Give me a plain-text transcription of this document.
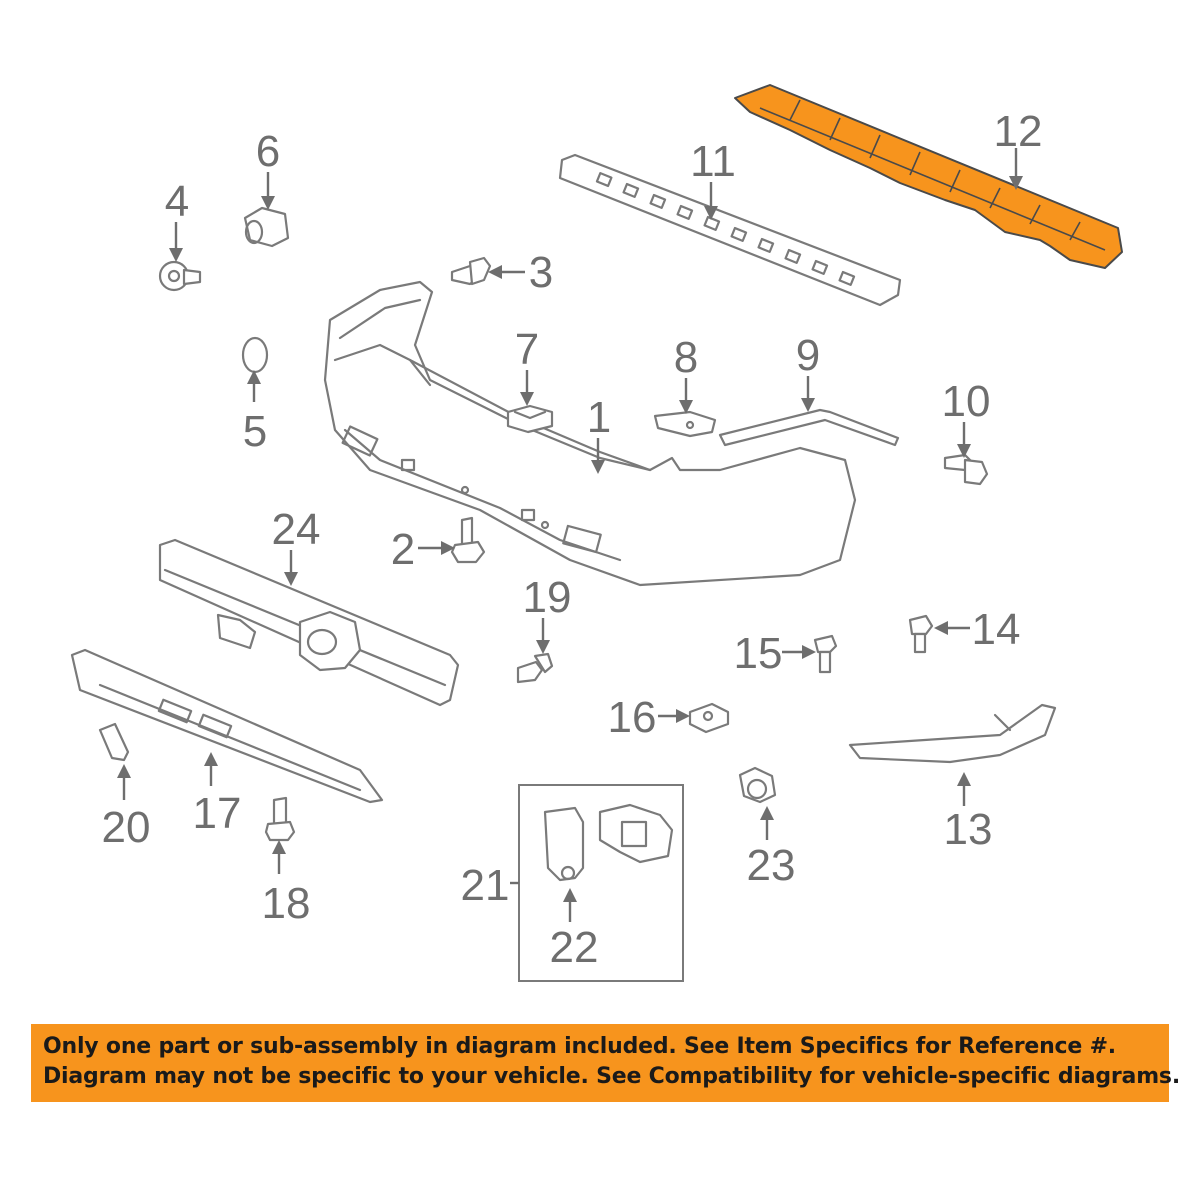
12
11
6
4
3
5
7	8 9
10
1
2
24
19
14
15
16
17
20
18
13
23
21
22

Only one part or sub-assembly in diagram included. See Item Specifics for Reference #.

Diagram may not be specific to your vehicle. See Compatibility for vehicle-specific diagrams.
